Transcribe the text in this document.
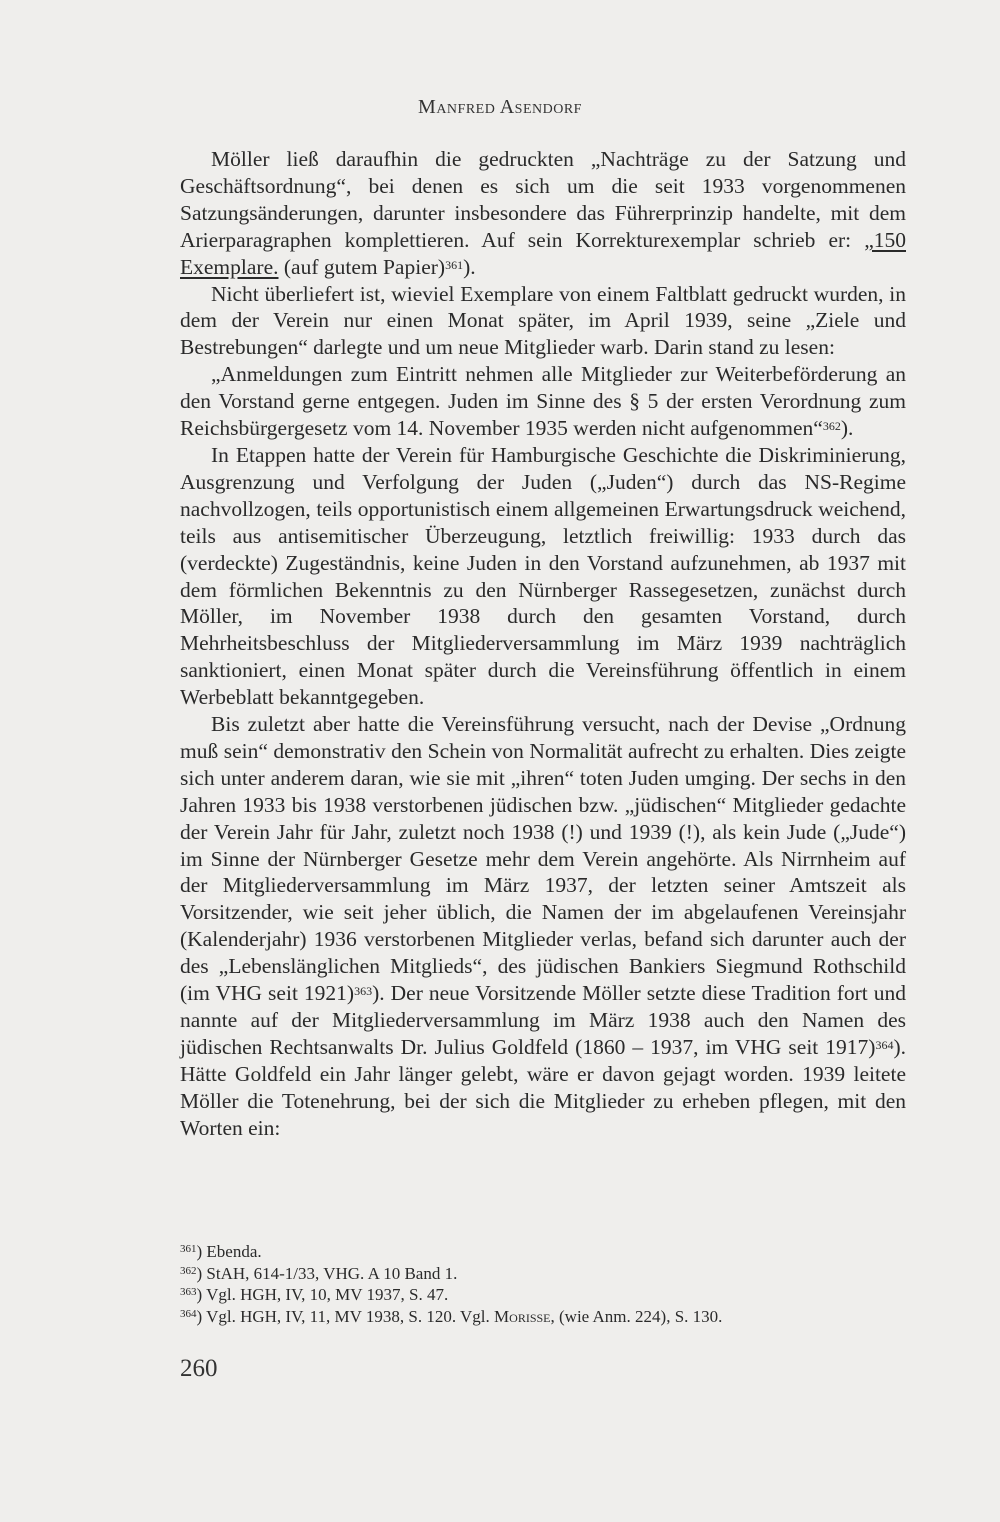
Manfred Asendorf

Möller ließ daraufhin die gedruckten „Nachträge zu der Satzung und Geschäftsordnung“, bei denen es sich um die seit 1933 vorgenommenen Satzungsänderungen, darunter insbesondere das Führerprinzip handelte, mit dem Arierparagraphen komplettieren. Auf sein Korrekturexemplar schrieb er: „150 Exemplare. (auf gutem Papier)$^{361}$).

Nicht überliefert ist, wieviel Exemplare von einem Faltblatt gedruckt wurden, in dem der Verein nur einen Monat später, im April 1939, seine „Ziele und Bestrebungen“ darlegte und um neue Mitglieder warb. Darin stand zu lesen:

„Anmeldungen zum Eintritt nehmen alle Mitglieder zur Weiterbeförderung an den Vorstand gerne entgegen. Juden im Sinne des § 5 der ersten Verordnung zum Reichsbürgergesetz vom 14. November 1935 werden nicht aufgenommen“$^{362}$).

In Etappen hatte der Verein für Hamburgische Geschichte die Diskriminierung, Ausgrenzung und Verfolgung der Juden („Juden“) durch das NS-Regime nachvollzogen, teils opportunistisch einem allgemeinen Erwartungsdruck weichend, teils aus antisemitischer Überzeugung, letztlich freiwillig: 1933 durch das (verdeckte) Zugeständnis, keine Juden in den Vorstand aufzunehmen, ab 1937 mit dem förmlichen Bekenntnis zu den Nürnberger Rassegesetzen, zunächst durch Möller, im November 1938 durch den gesamten Vorstand, durch Mehrheitsbeschluss der Mitgliederversammlung im März 1939 nachträglich sanktioniert, einen Monat später durch die Vereinsführung öffentlich in einem Werbeblatt bekanntgegeben.

Bis zuletzt aber hatte die Vereinsführung versucht, nach der Devise „Ordnung muß sein“ demonstrativ den Schein von Normalität aufrecht zu erhalten. Dies zeigte sich unter anderem daran, wie sie mit „ihren“ toten Juden umging. Der sechs in den Jahren 1933 bis 1938 verstorbenen jüdischen bzw. „jüdischen“ Mitglieder gedachte der Verein Jahr für Jahr, zuletzt noch 1938 (!) und 1939 (!), als kein Jude („Jude“) im Sinne der Nürnberger Gesetze mehr dem Verein angehörte. Als Nirrnheim auf der Mitgliederversammlung im März 1937, der letzten seiner Amtszeit als Vorsitzender, wie seit jeher üblich, die Namen der im abgelaufenen Vereinsjahr (Kalenderjahr) 1936 verstorbenen Mitglieder verlas, befand sich darunter auch der des „Lebenslänglichen Mitglieds“, des jüdischen Bankiers Siegmund Rothschild (im VHG seit 1921)$^{363}$). Der neue Vorsitzende Möller setzte diese Tradition fort und nannte auf der Mitgliederversammlung im März 1938 auch den Namen des jüdischen Rechtsanwalts Dr. Julius Goldfeld (1860 – 1937, im VHG seit 1917)$^{364}$). Hätte Goldfeld ein Jahr länger gelebt, wäre er davon gejagt worden. 1939 leitete Möller die Totenehrung, bei der sich die Mitglieder zu erheben pflegen, mit den Worten ein:

$^{361}$) Ebenda.
$^{362}$) StAH, 614-1/33, VHG. A 10 Band 1.
$^{363}$) Vgl. HGH, IV, 10, MV 1937, S. 47.
$^{364}$) Vgl. HGH, IV, 11, MV 1938, S. 120. Vgl. Morisse, (wie Anm. 224), S. 130.
260
